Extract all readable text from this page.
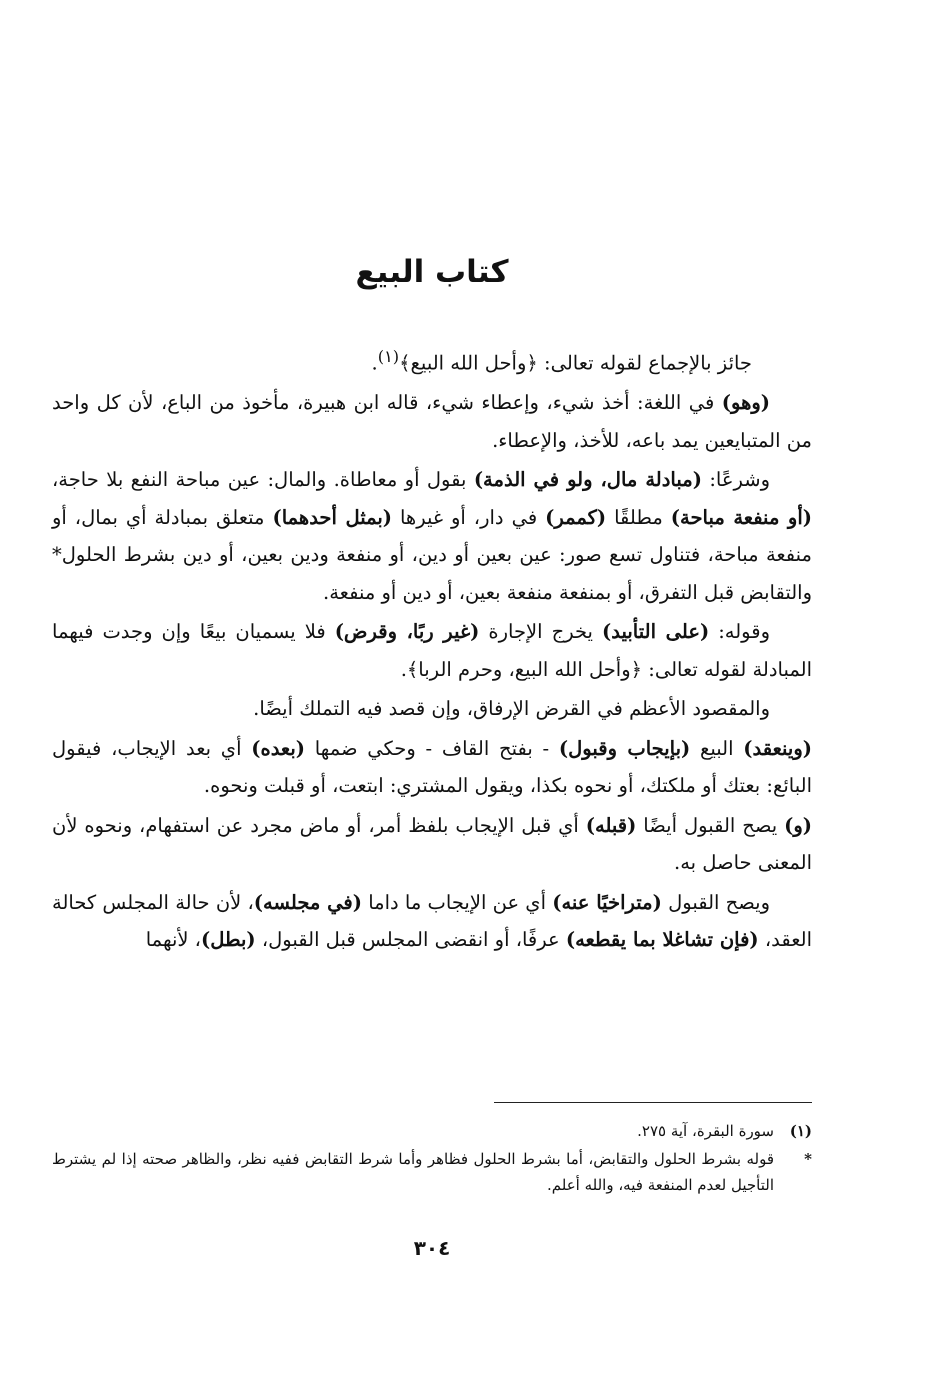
كتاب البيع

جائز بالإجماع لقوله تعالى: ﴿وأحل الله البيع﴾$^{(١)}$.

(وهو) في اللغة: أخذ شيء، وإعطاء شيء، قاله ابن هبيرة، مأخوذ من الباع، لأن كل واحد من المتبايعين يمد باعه، للأخذ، والإعطاء.

وشرعًا: (مبادلة مال، ولو في الذمة) بقول أو معاطاة. والمال: عين مباحة النفع بلا حاجة، (أو منفعة مباحة) مطلقًا (كممر) في دار، أو غيرها (بمثل أحدهما) متعلق بمبادلة أي بمال، أو منفعة مباحة، فتناول تسع صور: عين بعين أو دين، أو منفعة ودين بعين، أو دين بشرط الحلول* والتقابض قبل التفرق، أو بمنفعة منفعة بعين، أو دين أو منفعة.

وقوله: (على التأبيد) يخرج الإجارة (غير ربًا، وقرض) فلا يسميان بيعًا وإن وجدت فيهما المبادلة لقوله تعالى: ﴿وأحل الله البيع، وحرم الربا﴾.

والمقصود الأعظم في القرض الإرفاق، وإن قصد فيه التملك أيضًا.

(وينعقد) البيع (بإيجاب وقبول) - بفتح القاف - وحكي ضمها (بعده) أي بعد الإيجاب، فيقول البائع: بعتك أو ملكتك، أو نحوه بكذا، ويقول المشتري: ابتعت، أو قبلت ونحوه.

(و) يصح القبول أيضًا (قبله) أي قبل الإيجاب بلفظ أمر، أو ماض مجرد عن استفهام، ونحوه لأن المعنى حاصل به.

ويصح القبول (متراخيًا عنه) أي عن الإيجاب ما داما (في مجلسه)، لأن حالة المجلس كحالة العقد، (فإن تشاغلا بما يقطعه) عرفًا، أو انقضى المجلس قبل القبول، (بطل)، لأنهما

(١)
سورة البقرة، آية ٢٧٥.
*
قوله بشرط الحلول والتقابض، أما بشرط الحلول فظاهر وأما شرط التقابض ففيه نظر، والظاهر صحته إذا لم يشترط التأجيل لعدم المنفعة فيه، والله أعلم.
٣٠٤
